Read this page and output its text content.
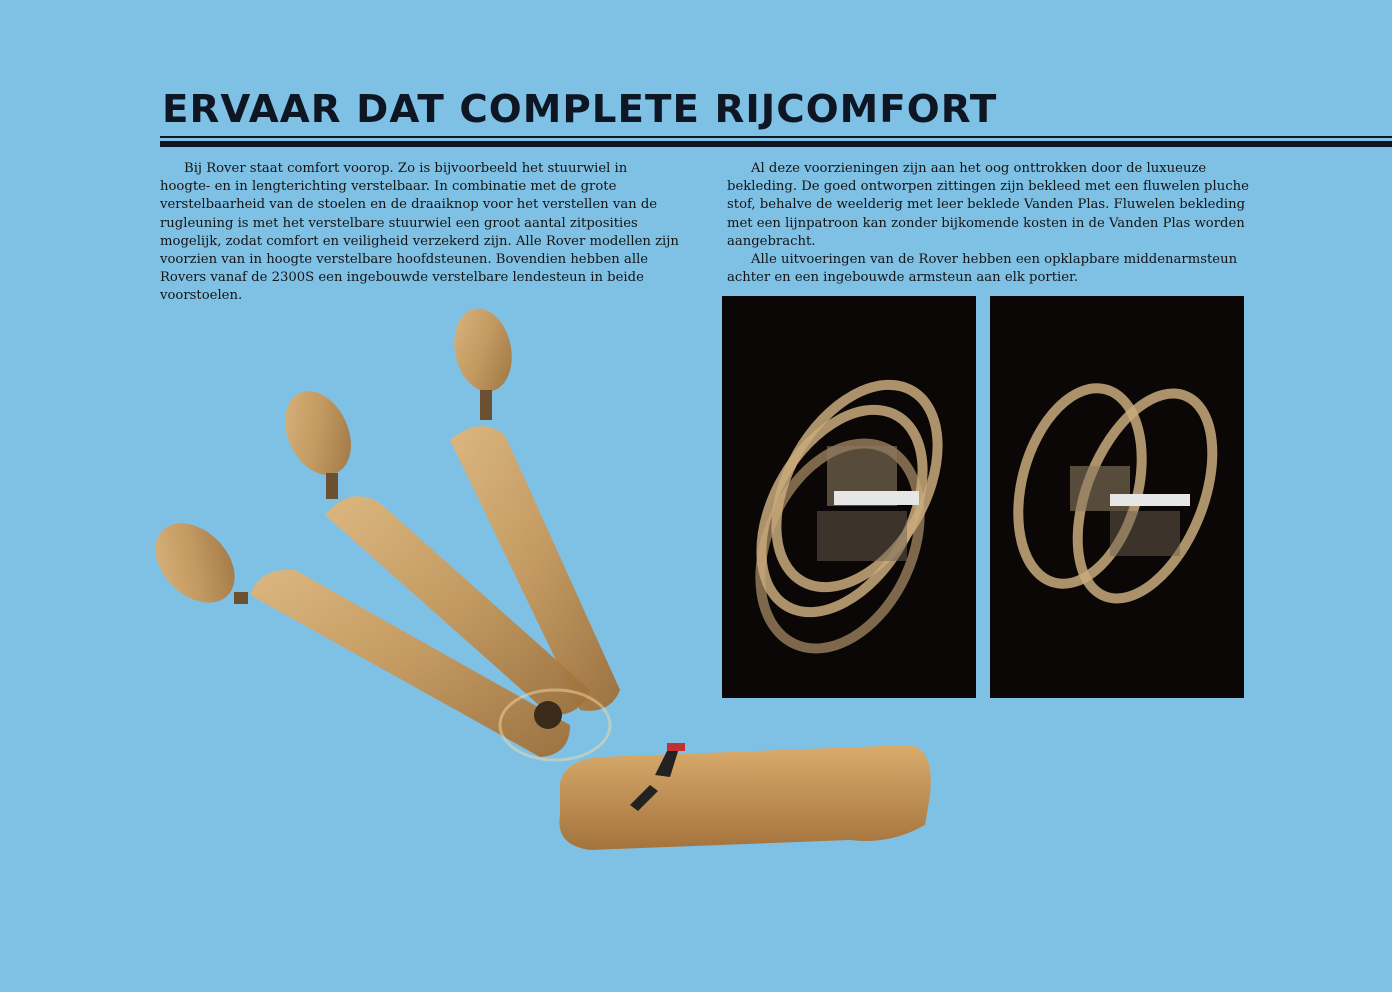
ERVAAR DAT COMPLETE RIJCOMFORT

Bij Rover staat comfort voorop. Zo is bijvoorbeeld het stuurwiel in hoogte- en in lengterichting verstelbaar. In combinatie met de grote verstelbaarheid van de stoelen en de draaiknop voor het verstellen van de rugleuning is met het verstelbare stuurwiel een groot aantal zitposities mogelijk, zodat comfort en veiligheid verzekerd zijn. Alle Rover modellen zijn voorzien van in hoogte verstelbare hoofdsteunen. Bovendien hebben alle Rovers vanaf de 2300S een ingebouwde verstelbare lendesteun in beide voorstoelen.

Al deze voorzieningen zijn aan het oog onttrokken door de luxueuze bekleding. De goed ontworpen zittingen zijn bekleed met een fluwelen pluche stof, behalve de weelderig met leer beklede Vanden Plas. Fluwelen bekleding met een lijnpatroon kan zonder bijkomende kosten in de Vanden Plas worden aangebracht.

Alle uitvoeringen van de Rover hebben een opklapbare middenarmsteun achter en een ingebouwde armsteun aan elk portier.
